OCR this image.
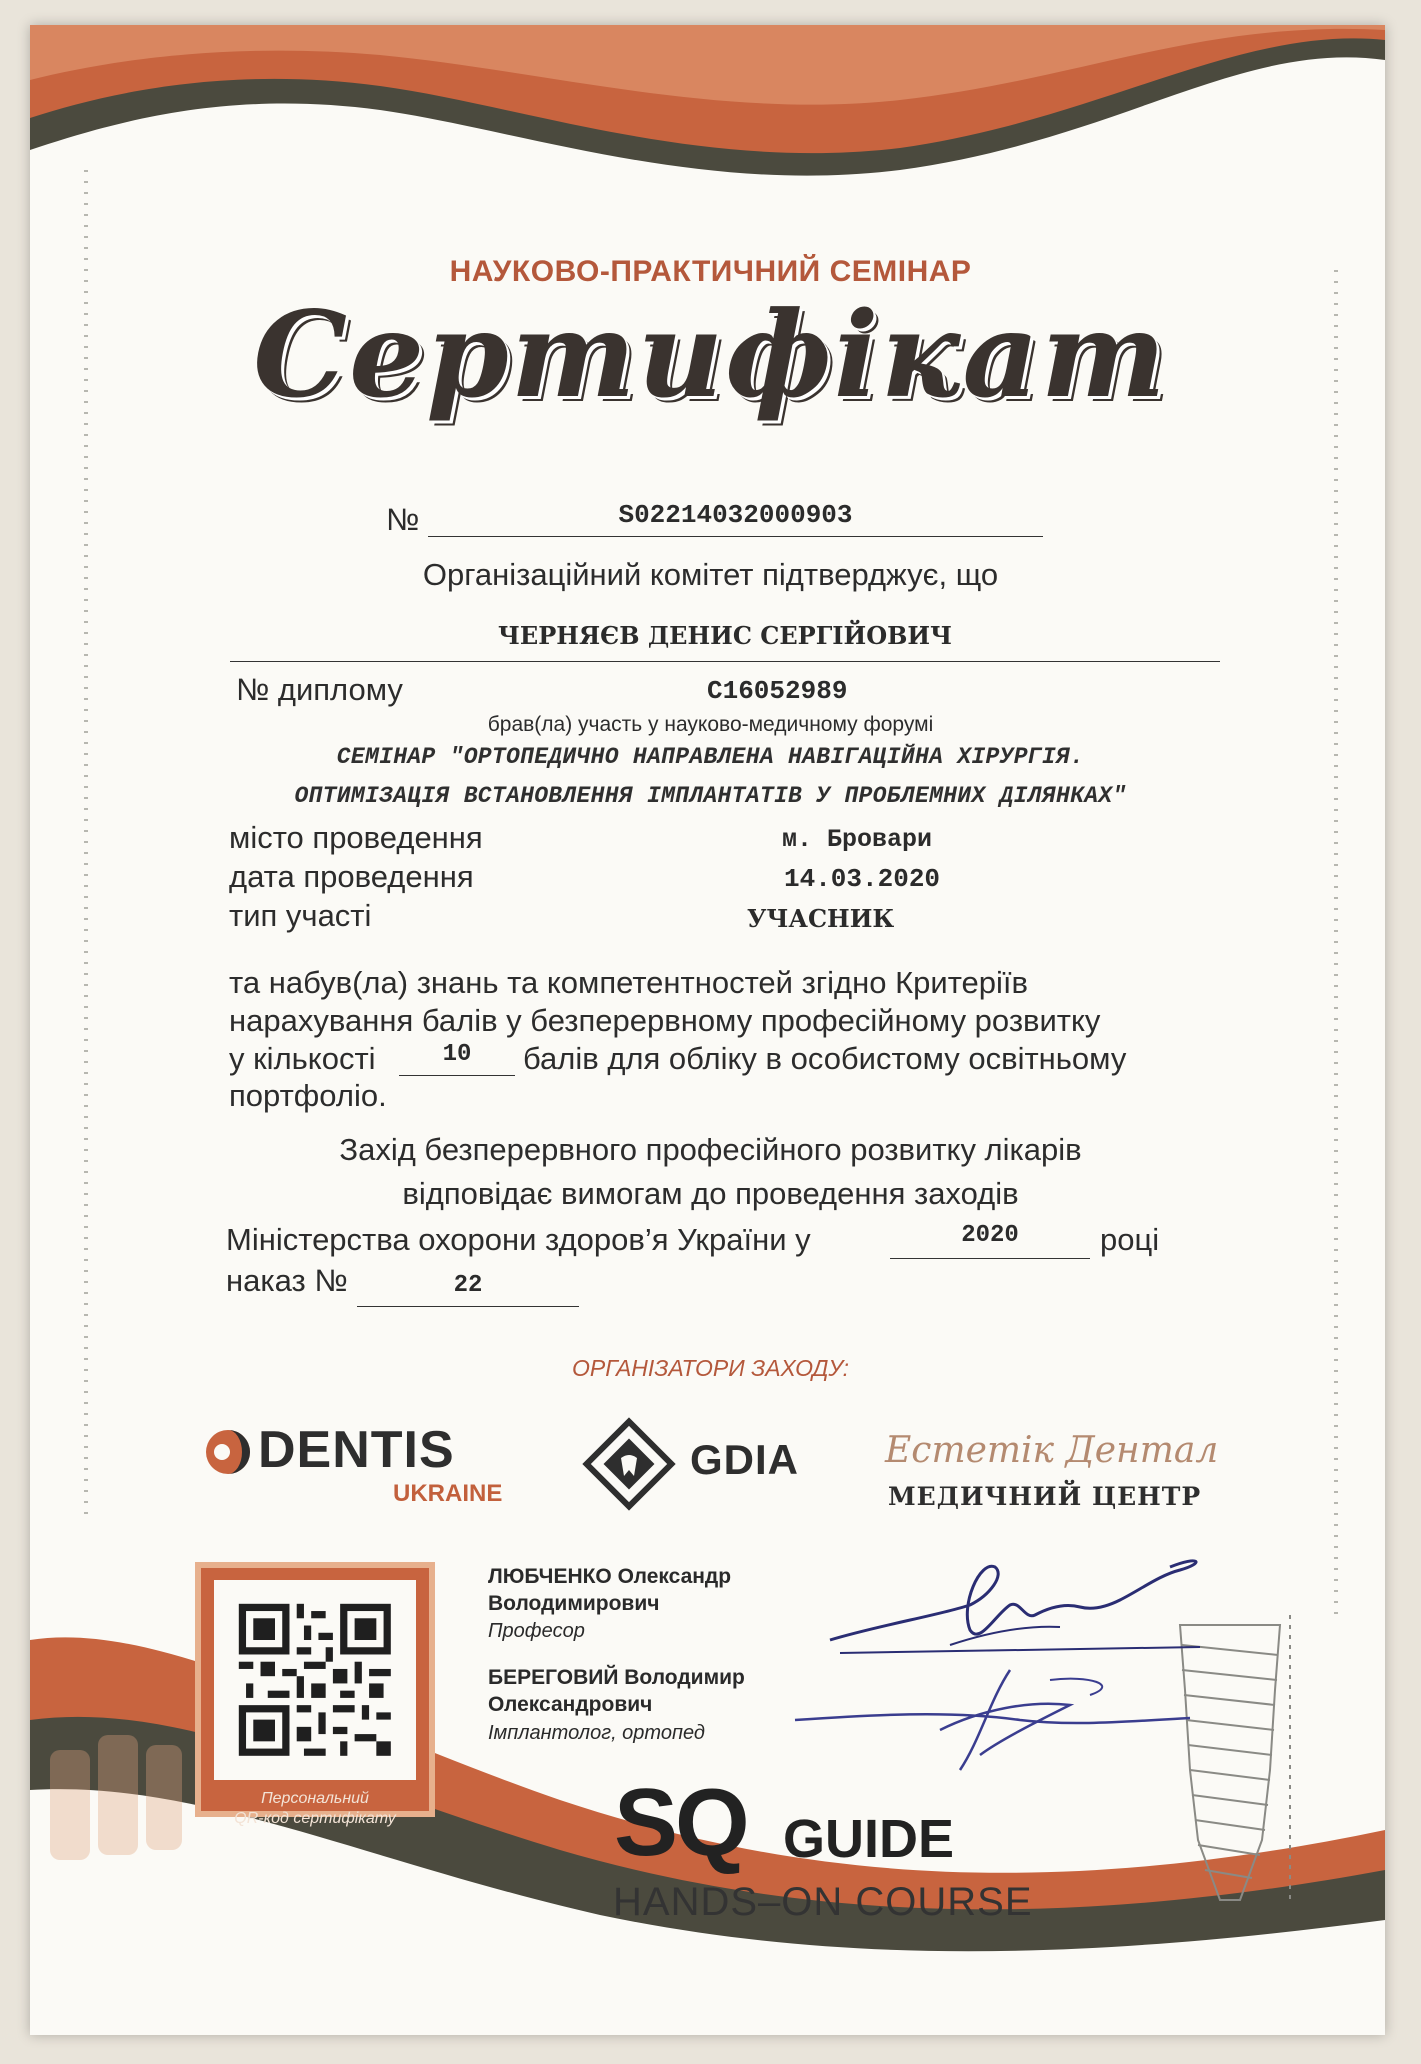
НАУКОВО-ПРАКТИЧНИЙ СЕМІНАР
Сертифікат
№	S02214032000903
Організаційний комітет підтверджує, що
ЧЕРНЯЄВ ДЕНИС СЕРГІЙОВИЧ
№ диплому	C16052989
брав(ла) участь у науково-медичному форумі
СЕМІНАР "ОРТОПЕДИЧНО НАПРАВЛЕНА НАВІГАЦІЙНА ХІРУРГІЯ.
ОПТИМІЗАЦІЯ ВСТАНОВЛЕННЯ ІМПЛАНТАТІВ У ПРОБЛЕМНИХ ДІЛЯНКАХ"
місто проведення	м. Бровари
дата проведення	14.03.2020
тип участі	УЧАСНИК
та набув(ла) знань та компетентностей згідно Критеріїв
нарахування балів у безперервному професійному розвитку
у кількості	10	балів для обліку в особистому освітньому
портфоліо.
Захід безперервного професійного розвитку лікарів
відповідає вимогам до проведення заходів
Міністерства охорони здоров’я України у	2020	році
наказ №	22
ОРГАНІЗАТОРИ ЗАХОДУ:
DENTIS
UKRAINE
GDIA Естетік Дентал
МЕДИЧНИЙ ЦЕНТР
Персональний
QR-код сертифікату
ЛЮБЧЕНКО Олександр
Володимирович
Професор
БЕРЕГОВИЙ Володимир
Олександрович
Імплантолог, ортопед
SQ GUIDE
HANDS–ON COURSE
